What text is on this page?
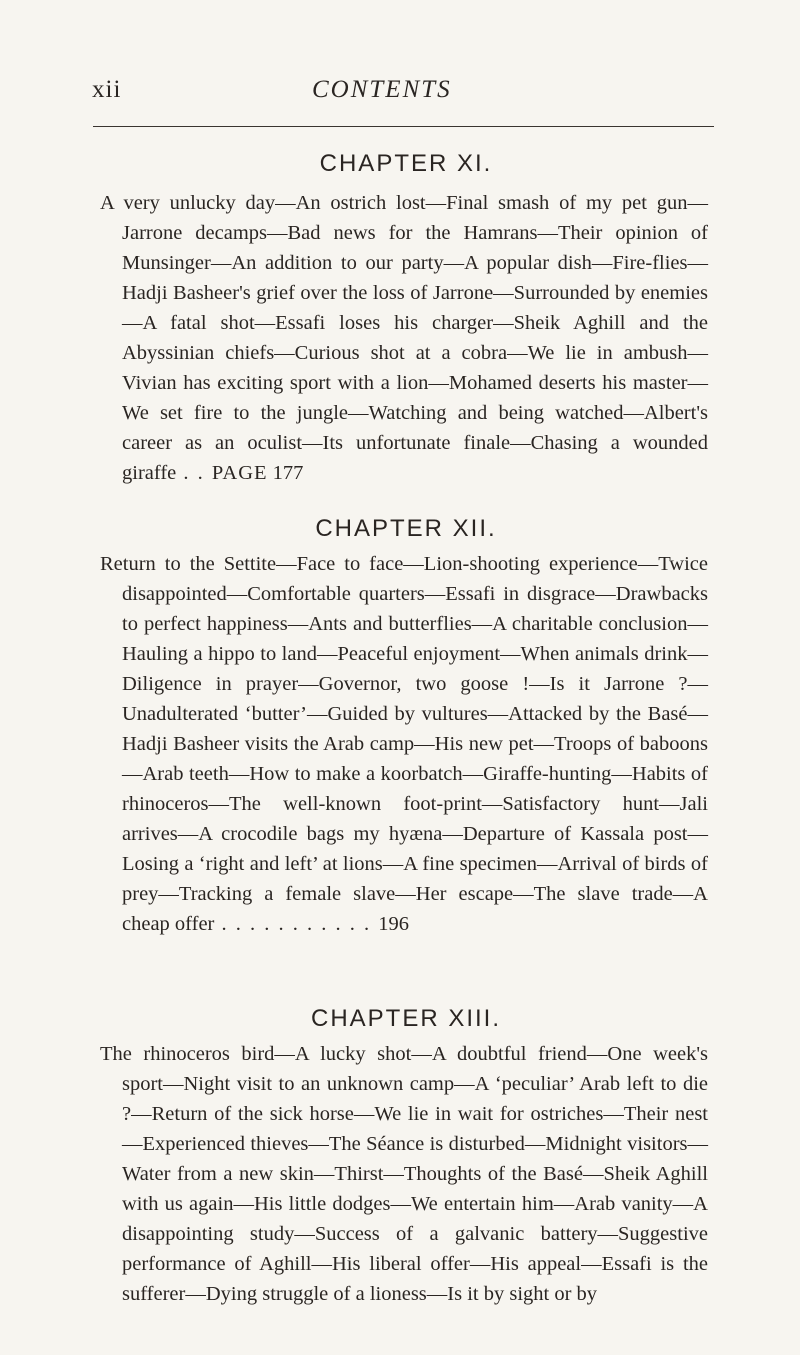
xii	CONTENTS
CHAPTER XI.

A very unlucky day—An ostrich lost—Final smash of my pet gun—Jarrone decamps—Bad news for the Hamrans—Their opinion of Munsinger—An addition to our party—A popular dish—Fire-flies—Hadji Basheer's grief over the loss of Jarrone—Surrounded by enemies—A fatal shot—Essafi loses his charger—Sheik Aghill and the Abyssinian chiefs—Curious shot at a cobra—We lie in ambush—Vivian has exciting sport with a lion—Mohamed deserts his master—We set fire to the jungle—Watching and being watched—Albert's career as an oculist—Its unfortunate finale—Chasing a wounded giraffe . . PAGE 177

CHAPTER XII.

Return to the Settite—Face to face—Lion-shooting experience—Twice disappointed—Comfortable quarters—Essafi in disgrace—Drawbacks to perfect happiness—Ants and butterflies—A charitable conclusion—Hauling a hippo to land—Peaceful enjoyment—When animals drink—Diligence in prayer—Governor, two goose !—Is it Jarrone ?—Unadulterated ‘butter’—Guided by vultures—Attacked by the Basé—Hadji Basheer visits the Arab camp—His new pet—Troops of baboons—Arab teeth—How to make a koorbatch—Giraffe-hunting—Habits of rhinoceros—The well-known foot-print—Satisfactory hunt—Jali arrives—A crocodile bags my hyæna—Departure of Kassala post—Losing a ‘right and left’ at lions—A fine specimen—Arrival of birds of prey—Tracking a female slave—Her escape—The slave trade—A cheap offer . . . . . . . . . . . 196

CHAPTER XIII.

The rhinoceros bird—A lucky shot—A doubtful friend—One week's sport—Night visit to an unknown camp—A ‘peculiar’ Arab left to die ?—Return of the sick horse—We lie in wait for ostriches—Their nest—Experienced thieves—The Séance is disturbed—Midnight visitors—Water from a new skin—Thirst—Thoughts of the Basé—Sheik Aghill with us again—His little dodges—We entertain him—Arab vanity—A disappointing study—Success of a galvanic battery—Suggestive performance of Aghill—His liberal offer—His appeal—Essafi is the sufferer—Dying struggle of a lioness—Is it by sight or by
